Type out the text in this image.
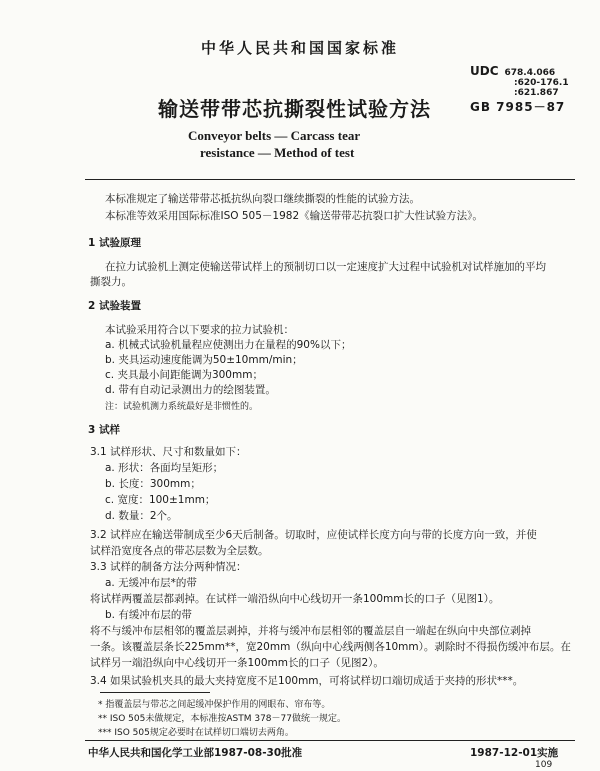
中华人民共和国国家标准
UDC 678.4.066
:620-176.1
:621.867
GB 7985－87
输送带带芯抗撕裂性试验方法
Conveyor belts — Carcass tear
resistance — Method of test
本标准规定了输送带带芯抵抗纵向裂口继续撕裂的性能的试验方法。
本标准等效采用国际标准ISO 505－1982《输送带带芯抗裂口扩大性试验方法》。
1 试验原理
在拉力试验机上测定使输送带试样上的预制切口以一定速度扩大过程中试验机对试样施加的平均
撕裂力。
2 试验装置
本试验采用符合以下要求的拉力试验机：
a. 机械式试验机量程应使测出力在量程的90%以下；
b. 夹具运动速度能调为50±10mm/min；
c. 夹具最小间距能调为300mm；
d. 带有自动记录测出力的绘图装置。
注：试验机测力系统最好是非惯性的。
3 试样
3.1 试样形状、尺寸和数量如下：
a. 形状：各面均呈矩形；
b. 长度：300mm；
c. 宽度：100±1mm；
d. 数量：2个。
3.2 试样应在输送带制成至少6天后制备。切取时，应使试样长度方向与带的长度方向一致，并使
试样沿宽度各点的带芯层数为全层数。
3.3 试样的制备方法分两种情况：
a. 无缓冲布层*的带
将试样两覆盖层都剥掉。在试样一端沿纵向中心线切开一条100mm长的口子（见图1）。
b. 有缓冲布层的带
将不与缓冲布层相邻的覆盖层剥掉，并将与缓冲布层相邻的覆盖层自一端起在纵向中央部位剥掉
一条。该覆盖层条长225mm**，宽20mm（纵向中心线两侧各10mm）。剥除时不得损伤缓冲布层。在
试样另一端沿纵向中心线切开一条100mm长的口子（见图2）。
3.4 如果试验机夹具的最大夹持宽度不足100mm，可将试样切口端切成适于夹持的形状***。
* 指覆盖层与带芯之间起缓冲保护作用的网眼布、帘布等。
** ISO 505未做规定，本标准按ASTM 378－77做统一规定。
*** ISO 505规定必要时在试样切口端切去两角。
中华人民共和国化学工业部1987-08-30批准	1987-12-01实施
109
